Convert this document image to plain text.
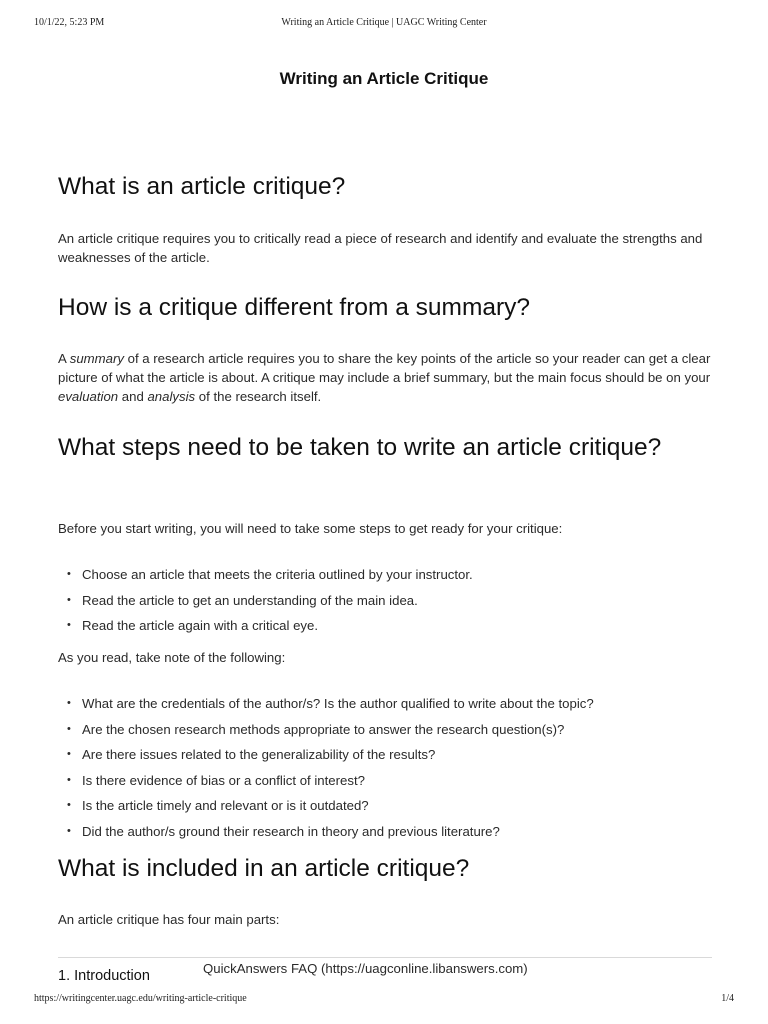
10/1/22, 5:23 PM	Writing an Article Critique | UAGC Writing Center
Writing an Article Critique
What is an article critique?

An article critique requires you to critically read a piece of research and identify and evaluate the strengths and weaknesses of the article.

How is a critique different from a summary?

A summary of a research article requires you to share the key points of the article so your reader can get a clear picture of what the article is about. A critique may include a brief summary, but the main focus should be on your evaluation and analysis of the research itself.

What steps need to be taken to write an article critique?

Before you start writing, you will need to take some steps to get ready for your critique:

• Choose an article that meets the criteria outlined by your instructor.
• Read the article to get an understanding of the main idea.
• Read the article again with a critical eye.

As you read, take note of the following:

• What are the credentials of the author/s? Is the author qualified to write about the topic?
• Are the chosen research methods appropriate to answer the research question(s)?
• Are there issues related to the generalizability of the results?
• Is there evidence of bias or a conflict of interest?
• Is the article timely and relevant or is it outdated?
• Did the author/s ground their research in theory and previous literature?
What is included in an article critique?

An article critique has four main parts:

QuickAnswers FAQ (https://uagconline.libanswers.com)
1. Introduction
https://writingcenter.uagc.edu/writing-article-critique	1/4
